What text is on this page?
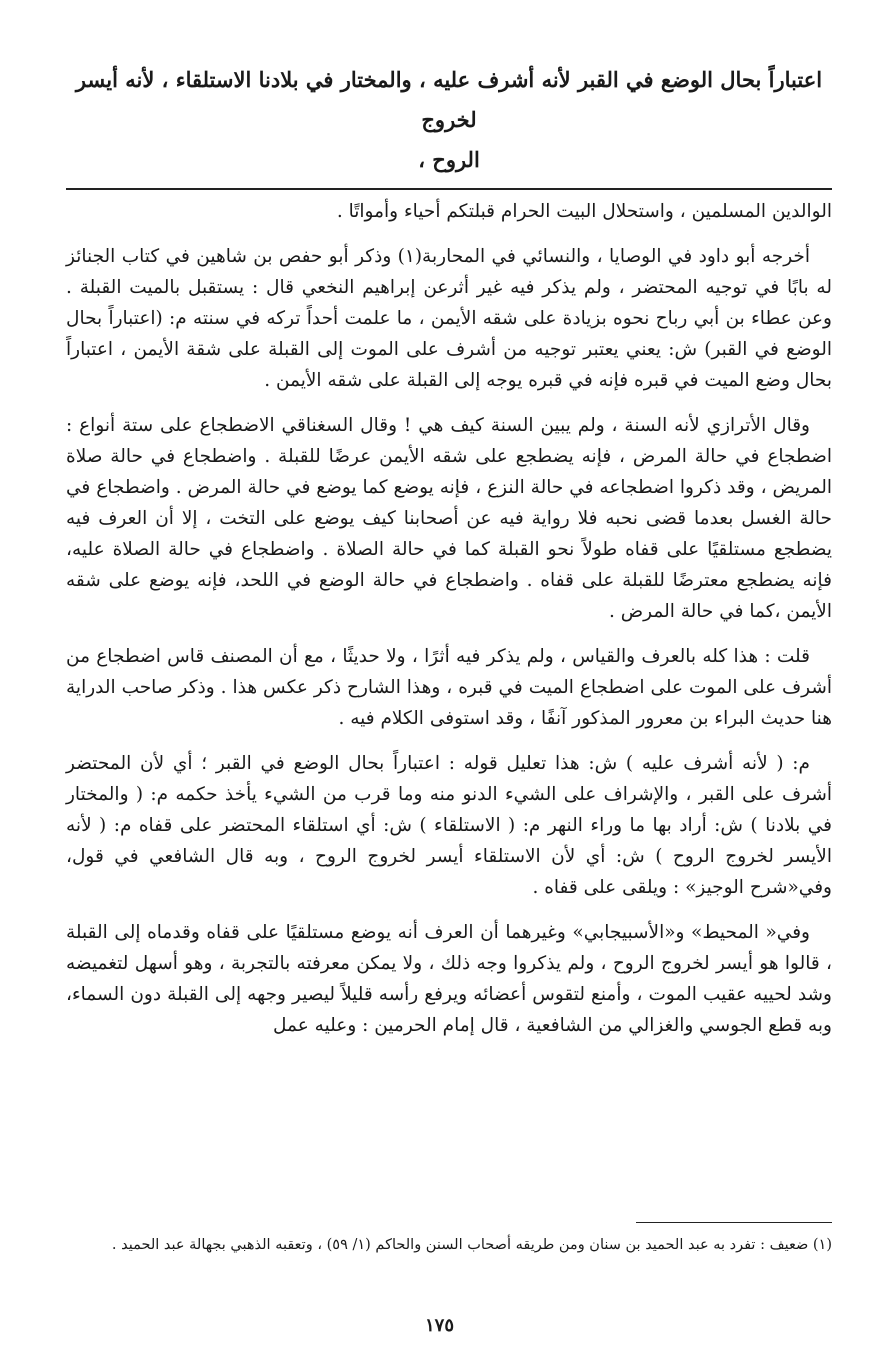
اعتباراً بحال الوضع في القبر لأنه أشرف عليه ، والمختار في بلادنا الاستلقاء ، لأنه أيسر لخروج
الروح ،

الوالدين المسلمين ، واستحلال البيت الحرام قبلتكم أحياء وأمواتًا .

أخرجه أبو داود في الوصايا ، والنسائي في المحاربة(١) وذكر أبو حفص بن شاهين في كتاب الجنائز له بابًا في توجيه المحتضر ، ولم يذكر فيه غير أثرعن إبراهيم النخعي قال : يستقبل بالميت القبلة . وعن عطاء بن أبي رباح نحوه بزيادة على شقه الأيمن ، ما علمت أحداً تركه في سنته م: (اعتباراً بحال الوضع في القبر) ش: يعني يعتبر توجيه من أشرف على الموت إلى القبلة على شقة الأيمن ، اعتباراً بحال وضع الميت في قبره فإنه في قبره يوجه إلى القبلة على شقه الأيمن .

وقال الأترازي لأنه السنة ، ولم يبين السنة كيف هي ! وقال السغناقي الاضطجاع على ستة أنواع : اضطجاع في حالة المرض ، فإنه يضطجع على شقه الأيمن عرضًا للقبلة . واضطجاع في حالة صلاة المريض ، وقد ذكروا اضطجاعه في حالة النزع ، فإنه يوضع كما يوضع في حالة المرض . واضطجاع في حالة الغسل بعدما قضى نحبه فلا رواية فيه عن أصحابنا كيف يوضع على التخت ، إلا أن العرف فيه يضطجع مستلقيًا على قفاه طولاً نحو القبلة كما في حالة الصلاة . واضطجاع في حالة الصلاة عليه، فإنه يضطجع معترضًا للقبلة على قفاه . واضطجاع في حالة الوضع في اللحد، فإنه يوضع على شقه الأيمن ،كما في حالة المرض .

قلت : هذا كله بالعرف والقياس ، ولم يذكر فيه أثرًا ، ولا حديثًا ، مع أن المصنف قاس اضطجاع من أشرف على الموت على اضطجاع الميت في قبره ، وهذا الشارح ذكر عكس هذا . وذكر صاحب الدراية هنا حديث البراء بن معرور المذكور آنفًا ، وقد استوفى الكلام فيه .

م: ( لأنه أشرف عليه ) ش: هذا تعليل قوله : اعتباراً بحال الوضع في القبر ؛ أي لأن المحتضر أشرف على القبر ، والإشراف على الشيء الدنو منه وما قرب من الشيء يأخذ حكمه م: ( والمختار في بلادنا ) ش: أراد بها ما وراء النهر م: ( الاستلقاء ) ش: أي استلقاء المحتضر على قفاه م: ( لأنه الأيسر لخروج الروح ) ش: أي لأن الاستلقاء أيسر لخروج الروح ، وبه قال الشافعي في قول، وفي«شرح الوجيز» : ويلقى على قفاه .

وفي« المحيط» و«الأسبيجابي» وغيرهما أن العرف أنه يوضع مستلقيًا على قفاه وقدماه إلى القبلة ، قالوا هو أيسر لخروج الروح ، ولم يذكروا وجه ذلك ، ولا يمكن معرفته بالتجربة ، وهو أسهل لتغميضه وشد لحييه عقيب الموت ، وأمنع لتقوس أعضائه ويرفع رأسه قليلاً ليصير وجهه إلى القبلة دون السماء، وبه قطع الجوسي والغزالي من الشافعية ، قال إمام الحرمين : وعليه عمل

(١) ضعيف : تفرد به عبد الحميد بن سنان ومن طريقه أصحاب السنن والحاكم (١/ ٥٩) ، وتعقبه الذهبي بجهالة عبد الحميد .
١٧٥
